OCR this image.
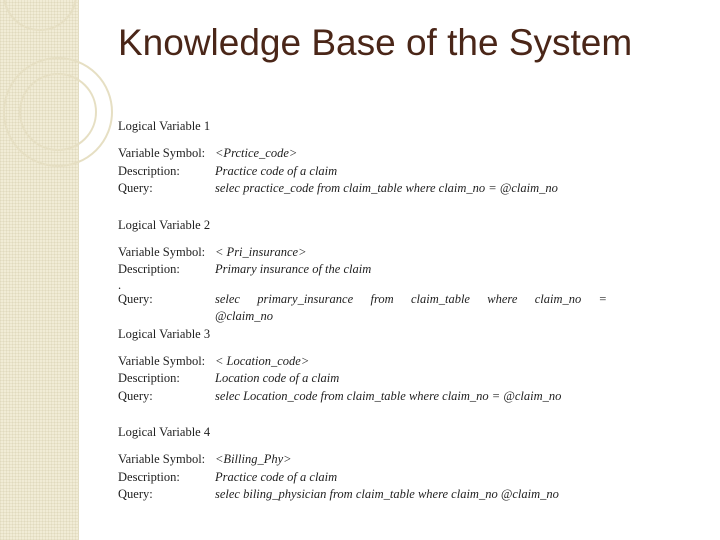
Knowledge Base of the System
Logical Variable 1
Variable Symbol: <Prctice_code>
Description:	Practice code of a claim
Query:	selec practice_code from claim_table where claim_no = @claim_no
Logical Variable 2
Variable Symbol: < Pri_insurance>
Description:	Primary insurance of the claim
.
Query:	selec primary_insurance from claim_table where claim_no = @claim_no
Logical Variable 3
Variable Symbol: < Location_code>
Description:	Location code of a claim
Query:	selec Location_code from claim_table where claim_no = @claim_no
Logical Variable 4
Variable Symbol: <Billing_Phy>
Description:	Practice code of a claim
Query:	selec biling_physician from claim_table where claim_no @claim_no
